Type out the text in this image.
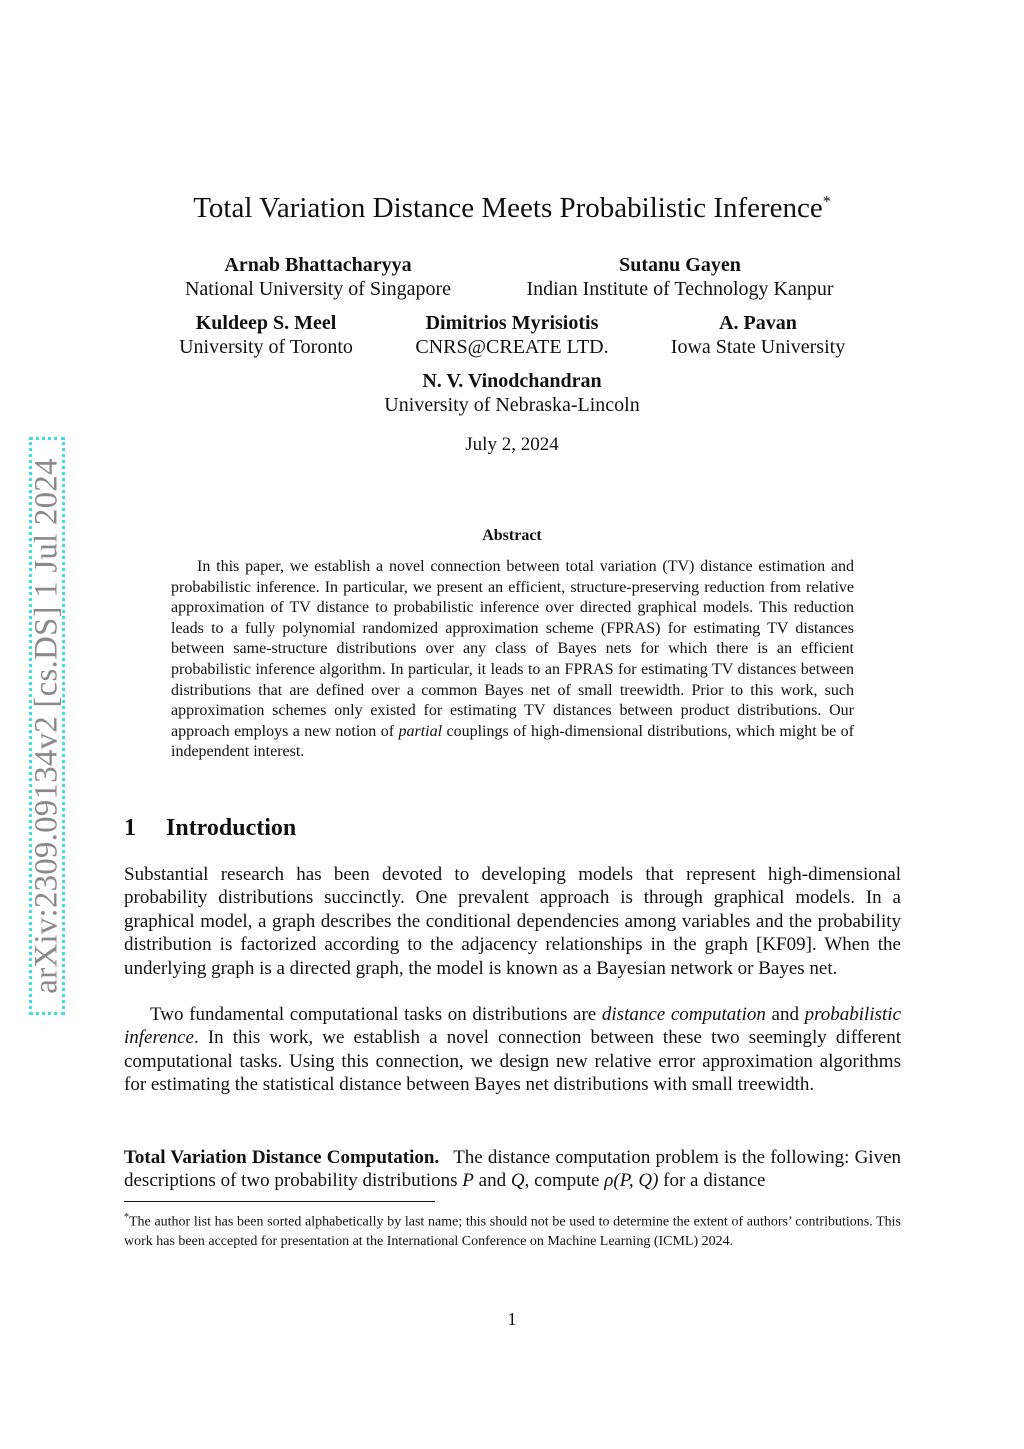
arXiv:2309.09134v2 [cs.DS] 1 Jul 2024
Total Variation Distance Meets Probabilistic Inference*
Arnab Bhattacharyya
National University of Singapore
Sutanu Gayen
Indian Institute of Technology Kanpur
Kuldeep S. Meel
University of Toronto
Dimitrios Myrisiotis
CNRS@CREATE LTD.
A. Pavan
Iowa State University
N. V. Vinodchandran
University of Nebraska-Lincoln
July 2, 2024
Abstract
In this paper, we establish a novel connection between total variation (TV) distance estimation and probabilistic inference. In particular, we present an efficient, structure-preserving reduction from relative approximation of TV distance to probabilistic inference over directed graphical models. This reduction leads to a fully polynomial randomized approximation scheme (FPRAS) for estimating TV distances between same-structure distributions over any class of Bayes nets for which there is an efficient probabilistic inference algorithm. In particular, it leads to an FPRAS for estimating TV distances between distributions that are defined over a common Bayes net of small treewidth. Prior to this work, such approximation schemes only existed for estimating TV distances between product distributions. Our approach employs a new notion of partial couplings of high-dimensional distributions, which might be of independent interest.
1 Introduction
Substantial research has been devoted to developing models that represent high-dimensional probability distributions succinctly. One prevalent approach is through graphical models. In a graphical model, a graph describes the conditional dependencies among variables and the probability distribution is factorized according to the adjacency relationships in the graph [KF09]. When the underlying graph is a directed graph, the model is known as a Bayesian network or Bayes net.
Two fundamental computational tasks on distributions are distance computation and probabilistic inference. In this work, we establish a novel connection between these two seemingly different computational tasks. Using this connection, we design new relative error approximation algorithms for estimating the statistical distance between Bayes net distributions with small treewidth.
Total Variation Distance Computation. The distance computation problem is the following: Given descriptions of two probability distributions P and Q, compute ρ(P, Q) for a distance
*The author list has been sorted alphabetically by last name; this should not be used to determine the extent of authors’ contributions. This work has been accepted for presentation at the International Conference on Machine Learning (ICML) 2024.
1
